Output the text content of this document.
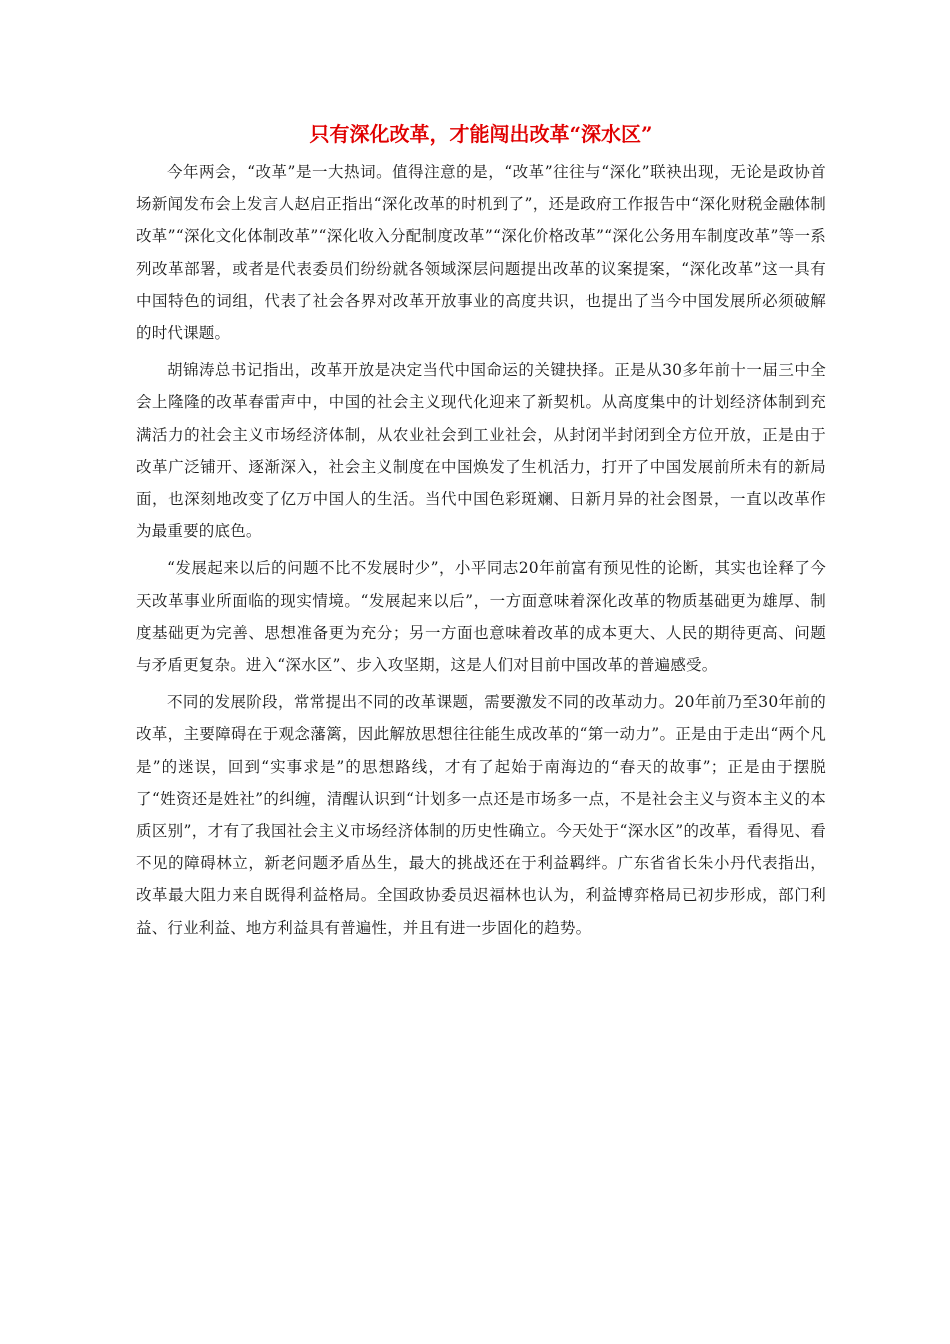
只有深化改革，才能闯出改革“深水区”

今年两会，“改革”是一大热词。值得注意的是，“改革”往往与“深化”联袂出现，无论是政协首场新闻发布会上发言人赵启正指出“深化改革的时机到了”，还是政府工作报告中“深化财税金融体制改革”“深化文化体制改革”“深化收入分配制度改革”“深化价格改革”“深化公务用车制度改革”等一系列改革部署，或者是代表委员们纷纷就各领域深层问题提出改革的议案提案，“深化改革”这一具有中国特色的词组，代表了社会各界对改革开放事业的高度共识，也提出了当今中国发展所必须破解的时代课题。

胡锦涛总书记指出，改革开放是决定当代中国命运的关键抉择。正是从30多年前十一届三中全会上隆隆的改革春雷声中，中国的社会主义现代化迎来了新契机。从高度集中的计划经济体制到充满活力的社会主义市场经济体制，从农业社会到工业社会，从封闭半封闭到全方位开放，正是由于改革广泛铺开、逐渐深入，社会主义制度在中国焕发了生机活力，打开了中国发展前所未有的新局面，也深刻地改变了亿万中国人的生活。当代中国色彩斑斓、日新月异的社会图景，一直以改革作为最重要的底色。

“发展起来以后的问题不比不发展时少”，小平同志20年前富有预见性的论断，其实也诠释了今天改革事业所面临的现实情境。“发展起来以后”，一方面意味着深化改革的物质基础更为雄厚、制度基础更为完善、思想准备更为充分；另一方面也意味着改革的成本更大、人民的期待更高、问题与矛盾更复杂。进入“深水区”、步入攻坚期，这是人们对目前中国改革的普遍感受。

不同的发展阶段，常常提出不同的改革课题，需要激发不同的改革动力。20年前乃至30年前的改革，主要障碍在于观念藩篱，因此解放思想往往能生成改革的“第一动力”。正是由于走出“两个凡是”的迷误，回到“实事求是”的思想路线，才有了起始于南海边的“春天的故事”；正是由于摆脱了“姓资还是姓社”的纠缠，清醒认识到“计划多一点还是市场多一点，不是社会主义与资本主义的本质区别”，才有了我国社会主义市场经济体制的历史性确立。今天处于“深水区”的改革，看得见、看不见的障碍林立，新老问题矛盾丛生，最大的挑战还在于利益羁绊。广东省省长朱小丹代表指出，改革最大阻力来自既得利益格局。全国政协委员迟福林也认为，利益博弈格局已初步形成，部门利益、行业利益、地方利益具有普遍性，并且有进一步固化的趋势。
